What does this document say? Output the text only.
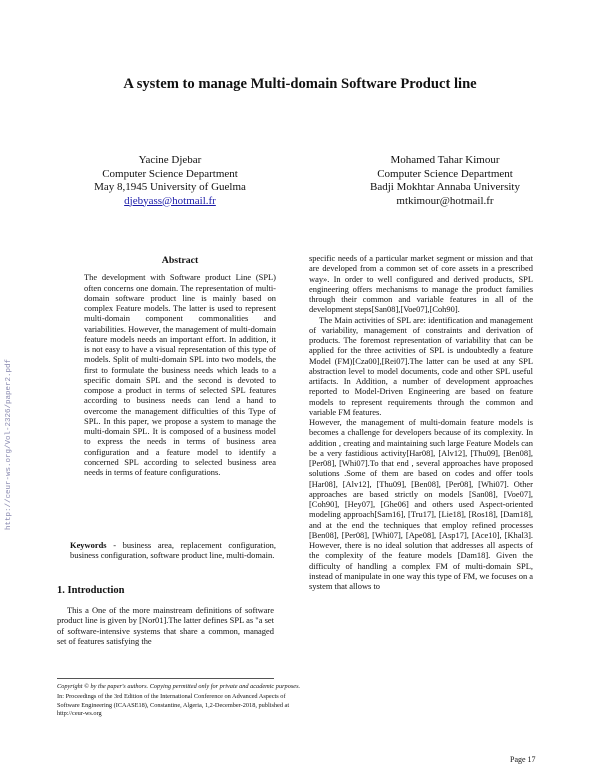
A system to manage Multi-domain Software Product line
Yacine Djebar
Computer Science Department
May 8,1945 University of Guelma
djebyass@hotmail.fr
Mohamed Tahar Kimour
Computer Science Department
Badji Mokhtar Annaba University
mtkimour@hotmail.fr
Abstract

The development with Software product Line (SPL) often concerns one domain. The representation of multi-domain software product line is mainly based on complex Feature models. The latter is used to represent multi-domain component commonalities and variabilities. However, the management of multi-domain feature models needs an important effort. In addition, it is not easy to have a visual representation of this type of models. Split of multi-domain SPL into two models, the first to formulate the business needs which leads to a specific domain SPL and the second is devoted to compose a product in terms of selected SPL features according to business needs can lend a hand to overcome the management difficulties of this Type of SPL. In this paper, we propose a system to manage the multi-domain SPL. It is composed of a business model to express the needs in terms of business area configuration and a feature model to identify a concerned SPL according to selected business area needs in terms of feature configurations.

Keywords - business area, replacement configuration, business configuration, software product line, multi-domain.

1. Introduction

This a One of the more mainstream definitions of software product line is given by [Nor01].The latter defines SPL as "a set of software-intensive systems that share a common, managed set of features satisfying the

Copyright © by the paper's authors. Copying permitted only for private and academic purposes.
In: Proceedings of the 3rd Edition of the International Conference on Advanced Aspects of Software Engineering (ICAASE18), Constantine, Algeria, 1,2-December-2018, published at http://ceur-ws.org

specific needs of a particular market segment or mission and that are developed from a common set of core assets in a prescribed way». In order to well configured and derived products, SPL engineering offers mechanisms to manage the product families through their common and variable features in all of the development steps[San08],[Voe07],[Coh90].

The Main activities of SPL are: identification and management of variability, management of constraints and derivation of products. The foremost representation of variability that can be applied for the three activities of SPL is undoubtedly a feature Model (FM)[Cza00],[Rei07].The latter can be used at any SPL abstraction level to model documents, code and other SPL useful artifacts. In Addition, a number of development approaches reported to Model-Driven Engineering are based on feature models to represent requirements through the common and variable FM features.

However, the management of multi-domain feature models is becomes a challenge for developers because of its complexity. In addition , creating and maintaining such large Feature Models can be a very fastidious activity[Har08], [Alv12], [Thu09], [Ben08], [Per08], [Whi07].To that end , several approaches have proposed solutions .Some of them are based on codes and offer tools [Har08], [Alv12], [Thu09], [Ben08], [Per08], [Whi07]. Other approaches are based strictly on models [San08], [Voe07], [Coh90], [Hey07], [Ghe06] and others used Aspect-oriented modeling approach[Sam16], [Tru17], [Lie18], [Ros18], [Dam18], and at the end the techniques that employ refined processes [Ben08], [Per08], [Whi07], [Ape08], [Asp17], [Ace10], [Khal3]. However, there is no ideal solution that addresses all aspects of the complexity of the feature models [Dam18]. Given the difficulty of handling a complex FM of multi-domain SPL, instead of manipulate in one way this type of FM, we focuses on a system that allows to

http://ceur-ws.org/Vol-2326/paper2.pdf
Page 17
